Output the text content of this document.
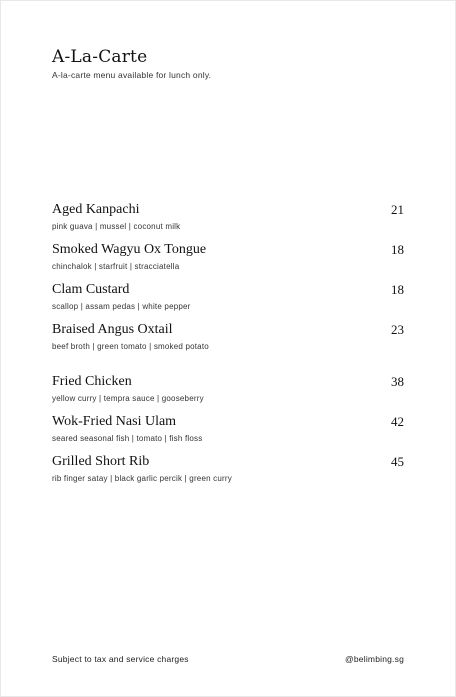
A-La-Carte
A-la-carte menu available for lunch only.
Aged Kanpachi	21
pink guava | mussel | coconut milk
Smoked Wagyu Ox Tongue	18
chinchalok | starfruit | stracciatella
Clam Custard	18
scallop | assam pedas | white pepper
Braised Angus Oxtail	23
beef broth | green tomato | smoked potato
Fried Chicken	38
yellow curry | tempra sauce | gooseberry
Wok-Fried Nasi Ulam	42
seared seasonal fish | tomato | fish floss
Grilled Short Rib	45
rib finger satay | black garlic percik | green curry
Subject to tax and service charges	@belimbing.sg
